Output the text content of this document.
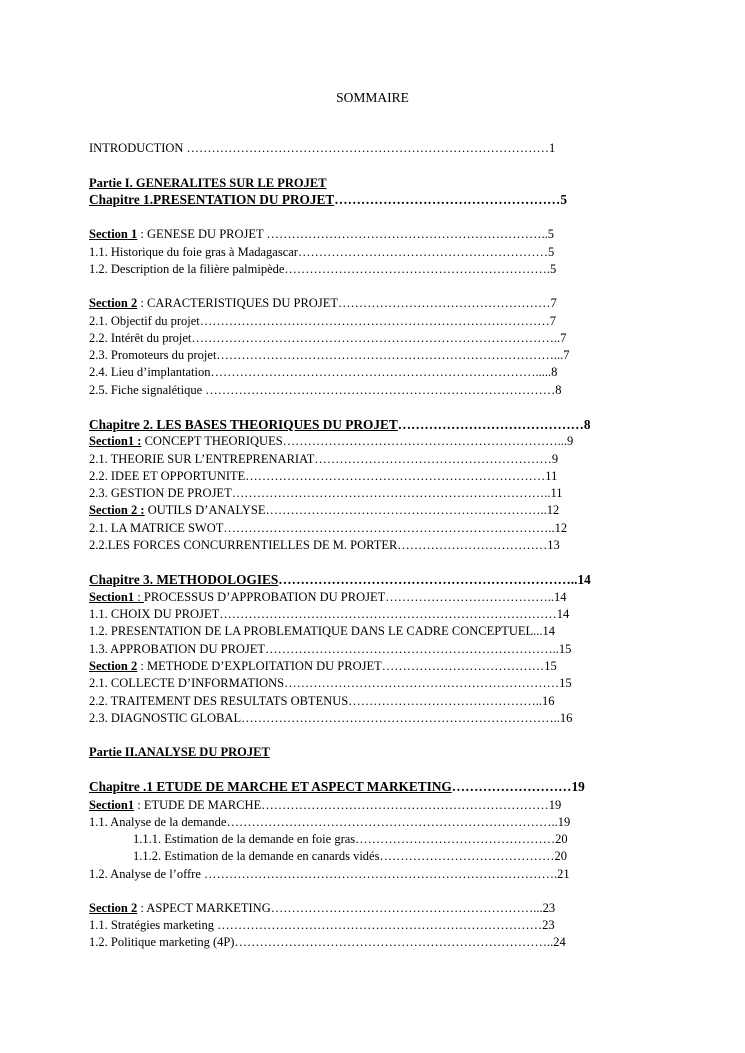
SOMMAIRE
INTRODUCTION ……………………………………………………………………………1
Partie I. GENERALITES SUR LE PROJET
Chapitre 1.PRESENTATION DU PROJET……………………………………………5
Section 1 : GENESE DU PROJET …………………………………………………………..5
1.1. Historique du foie gras à Madagascar……………………………………………………5
1.2. Description de la filière palmipède……………………………………………………….5
Section 2 : CARACTERISTIQUES DU PROJET……………………………………………7
2.1. Objectif du projet…………………………………………………………………………7
2.2. Intérêt du projet……………………………………………………………………………..7
2.3. Promoteurs du projet………………………………………………………………………...7
2.4. Lieu d’implantation…………………………………………………………………….....8
2.5. Fiche signalétique …………………………………………………………………………8
Chapitre 2. LES BASES THEORIQUES DU PROJET……………………………………8
Section1 : CONCEPT THEORIQUES…………………………………………………………...9
2.1. THEORIE SUR L’ENTREPRENARIAT…………………………………………………9
2.2. IDEE ET OPPORTUNITE………………………………………………………………11
2.3. GESTION DE PROJET…………………………………………………………………..11
Section 2 : OUTILS D’ANALYSE…………………………………………………………..12
2.1. LA MATRICE SWOT……………………………………………………………………..12
2.2.LES FORCES CONCURRENTIELLES DE M. PORTER………………………………13
Chapitre 3. METHODOLOGIES…………………………………………………………..14
Section1 : PROCESSUS D’APPROBATION DU PROJET…………………………………..14
1.1. CHOIX DU PROJET………………………………………………………………………14
1.2. PRESENTATION DE LA PROBLEMATIQUE DANS LE CADRE CONCEPTUEL...14
1.3. APPROBATION DU PROJET……………………………………………………………..15
Section 2 : METHODE D’EXPLOITATION DU PROJET…………………………………15
2.1. COLLECTE D’INFORMATIONS…………………………………………………………15
2.2. TRAITEMENT DES RESULTATS OBTENUS………………………………………..16
2.3. DIAGNOSTIC GLOBAL…………………………………………………………………..16
Partie II.ANALYSE DU PROJET
Chapitre .1 ETUDE DE MARCHE ET ASPECT MARKETING………………………19
Section1 : ETUDE DE MARCHE……………………………………………………………19
1.1. Analyse de la demande……………………………………………………………………..19
1.1.1. Estimation de la demande en foie gras…………………………………………20
1.1.2. Estimation de la demande en canards vidés……………………………………20
1.2. Analyse de l’offre ………………………………………………………………………….21
Section 2 : ASPECT MARKETING………………………………………………………...23
1.1. Stratégies marketing ……………………………………………………………………23
1.2. Politique marketing (4P)…………………………………………………………………..24
